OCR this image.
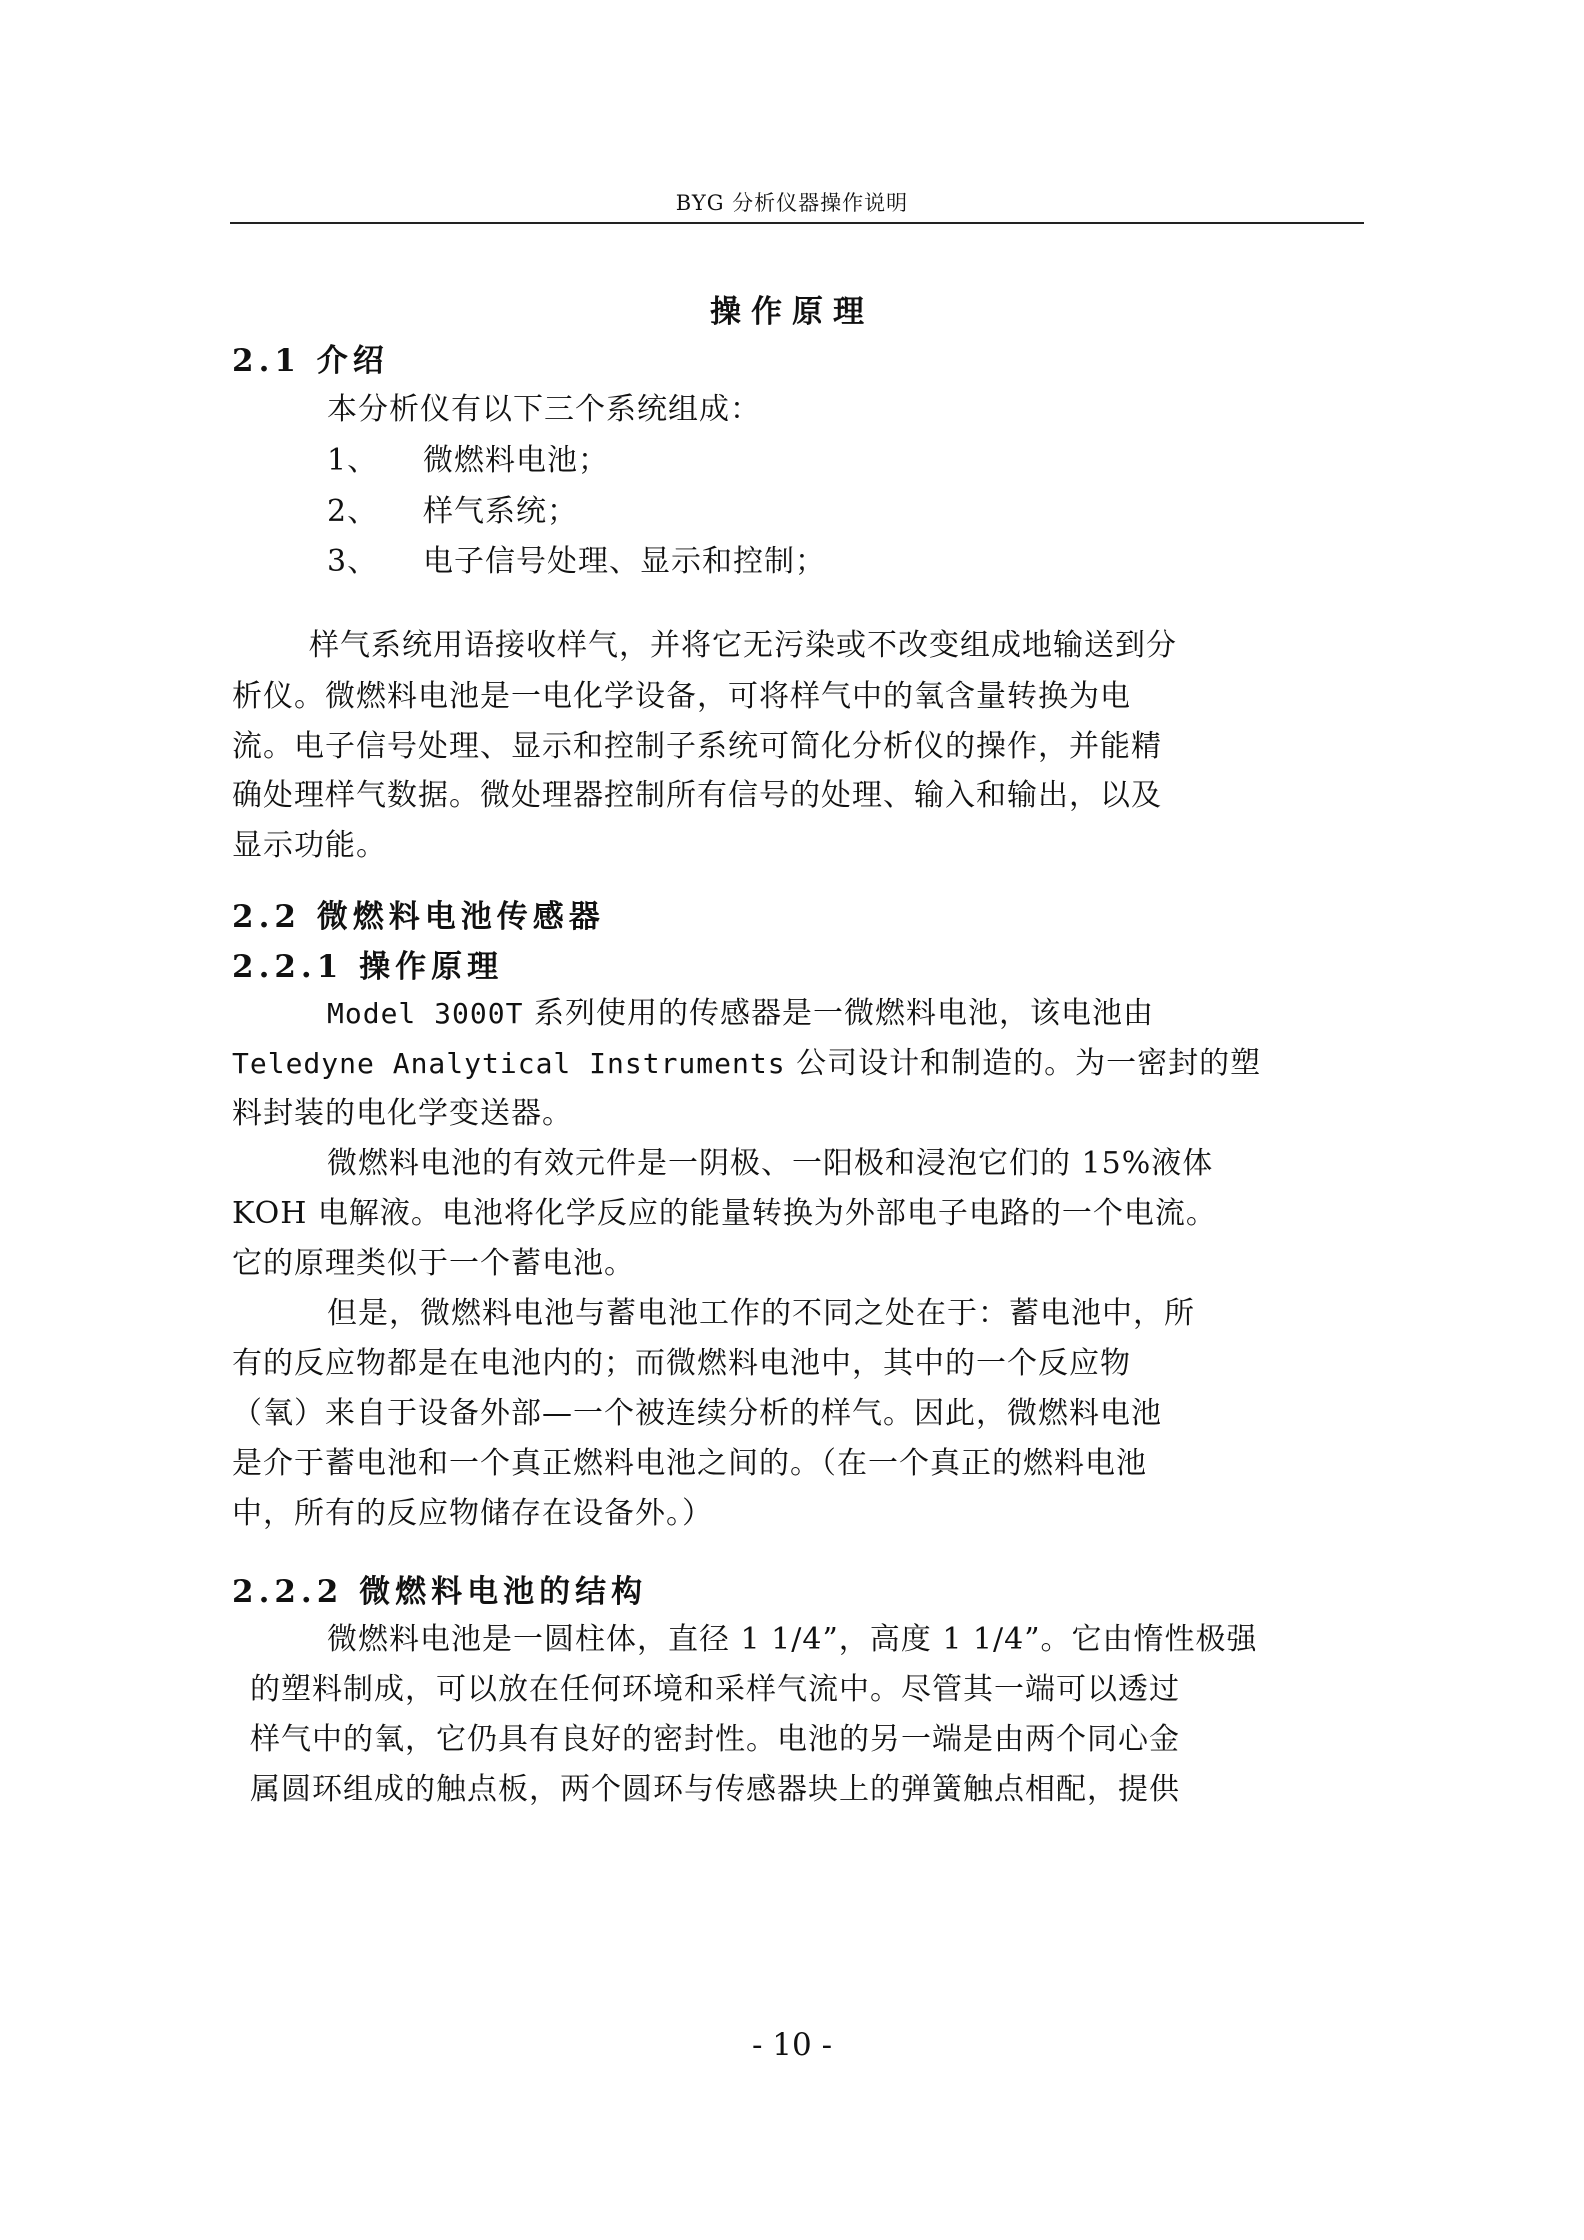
BYG 分析仪器操作说明
操作原理
2.1 介绍
本分析仪有以下三个系统组成：
1、 微燃料电池；
2、 样气系统；
3、 电子信号处理、显示和控制；
样气系统用语接收样气，并将它无污染或不改变组成地输送到分
析仪。微燃料电池是一电化学设备，可将样气中的氧含量转换为电
流。电子信号处理、显示和控制子系统可简化分析仪的操作，并能精
确处理样气数据。微处理器控制所有信号的处理、输入和输出，以及
显示功能。
2.2 微燃料电池传感器
2.2.1 操作原理
Model 3000T 系列使用的传感器是一微燃料电池，该电池由
Teledyne Analytical Instruments 公司设计和制造的。为一密封的塑
料封装的电化学变送器。
微燃料电池的有效元件是一阴极、一阳极和浸泡它们的 15%液体
KOH 电解液。电池将化学反应的能量转换为外部电子电路的一个电流。
它的原理类似于一个蓄电池。
但是，微燃料电池与蓄电池工作的不同之处在于：蓄电池中，所
有的反应物都是在电池内的；而微燃料电池中，其中的一个反应物
（氧）来自于设备外部—一个被连续分析的样气。因此，微燃料电池
是介于蓄电池和一个真正燃料电池之间的。（在一个真正的燃料电池
中，所有的反应物储存在设备外。）
2.2.2 微燃料电池的结构
微燃料电池是一圆柱体，直径 1 1/4”，高度 1 1/4”。它由惰性极强
的塑料制成，可以放在任何环境和采样气流中。尽管其一端可以透过
样气中的氧，它仍具有良好的密封性。电池的另一端是由两个同心金
属圆环组成的触点板，两个圆环与传感器块上的弹簧触点相配，提供
- 10 -
